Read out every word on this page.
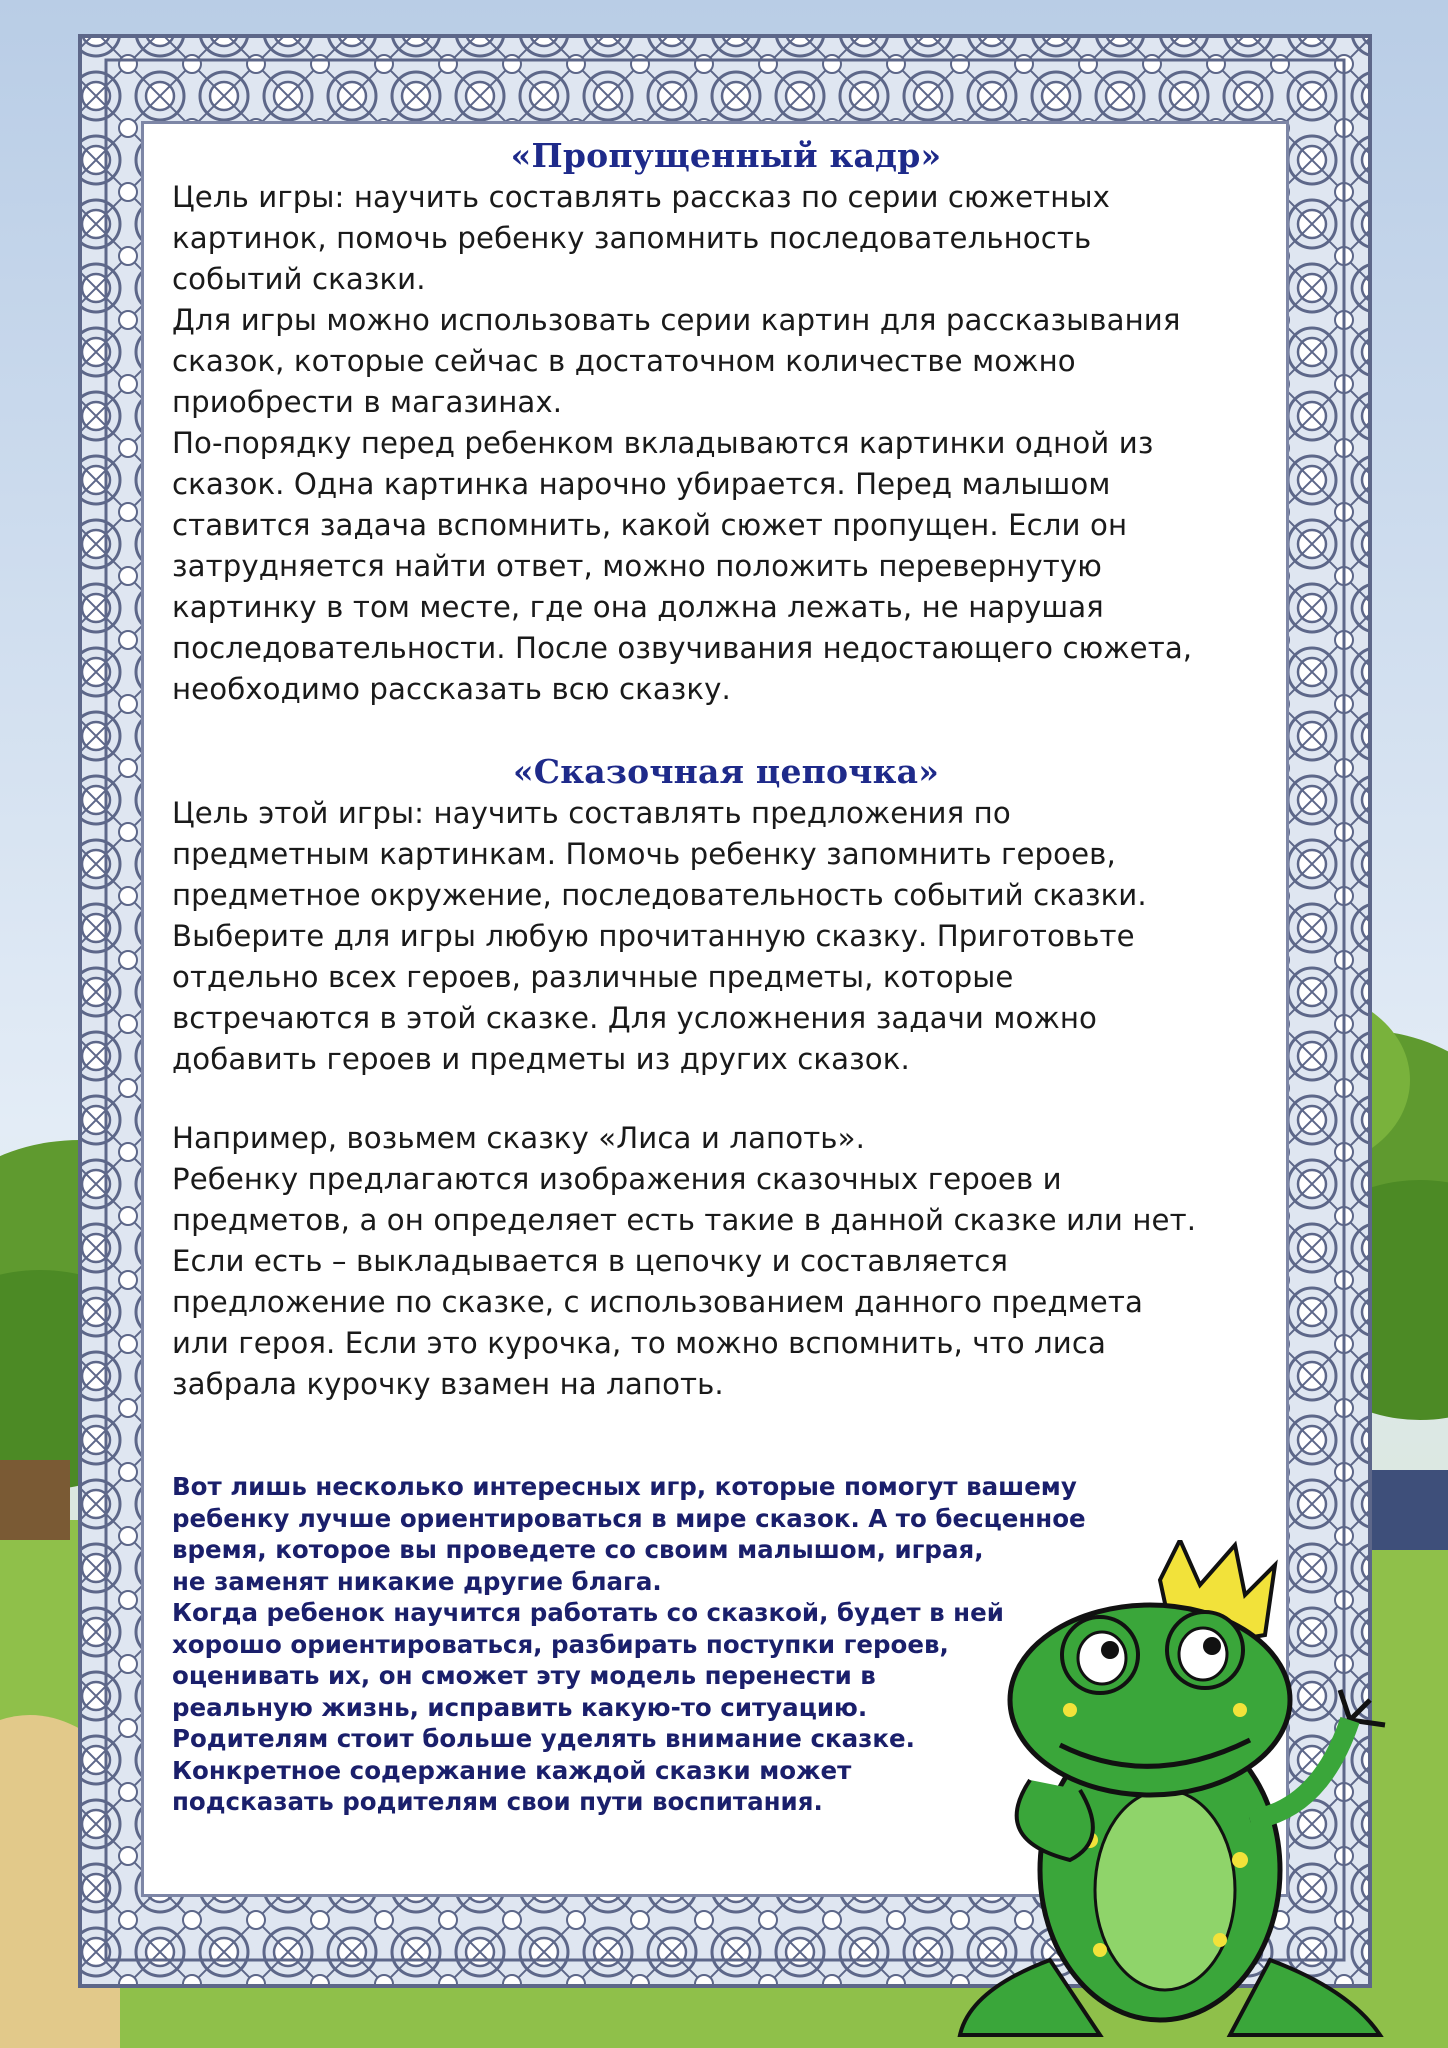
«Пропущенный кадр»

Цель игры: научить составлять рассказ по серии сюжетных
картинок, помочь ребенку запомнить последовательность
событий сказки.

Для игры можно использовать серии картин для рассказывания
сказок, которые сейчас в достаточном количестве можно
приобрести в магазинах.

По-порядку перед ребенком вкладываются картинки одной из
сказок. Одна картинка нарочно убирается. Перед малышом
ставится задача вспомнить, какой сюжет пропущен. Если он
затрудняется найти ответ, можно положить перевернутую
картинку в том месте, где она должна лежать, не нарушая
последовательности. После озвучивания недостающего сюжета,
необходимо рассказать всю сказку.

«Сказочная цепочка»

Цель этой игры: научить составлять предложения по
предметным картинкам. Помочь ребенку запомнить героев,
предметное окружение, последовательность событий сказки.
Выберите для игры любую прочитанную сказку. Приготовьте
отдельно всех героев, различные предметы, которые
встречаются в этой сказке. Для усложнения задачи можно
добавить героев и предметы из других сказок.

Например, возьмем сказку «Лиса и лапоть».
Ребенку предлагаются изображения сказочных героев и
предметов, а он определяет есть такие в данной сказке или нет.
Если есть – выкладывается в цепочку и составляется
предложение по сказке, с использованием данного предмета
или героя. Если это курочка, то можно вспомнить, что лиса
забрала курочку взамен на лапоть.

Вот лишь несколько интересных игр, которые помогут вашему
ребенку лучше ориентироваться в мире сказок. А то бесценное
время, которое вы проведете со своим малышом, играя,
не заменят никакие другие блага.
Когда ребенок научится работать со сказкой, будет в ней
хорошо ориентироваться, разбирать поступки героев,
оценивать их, он сможет эту модель перенести в
реальную жизнь, исправить какую-то ситуацию.
Родителям стоит больше уделять внимание сказке.
Конкретное содержание каждой сказки может
подсказать родителям свои пути воспитания.
